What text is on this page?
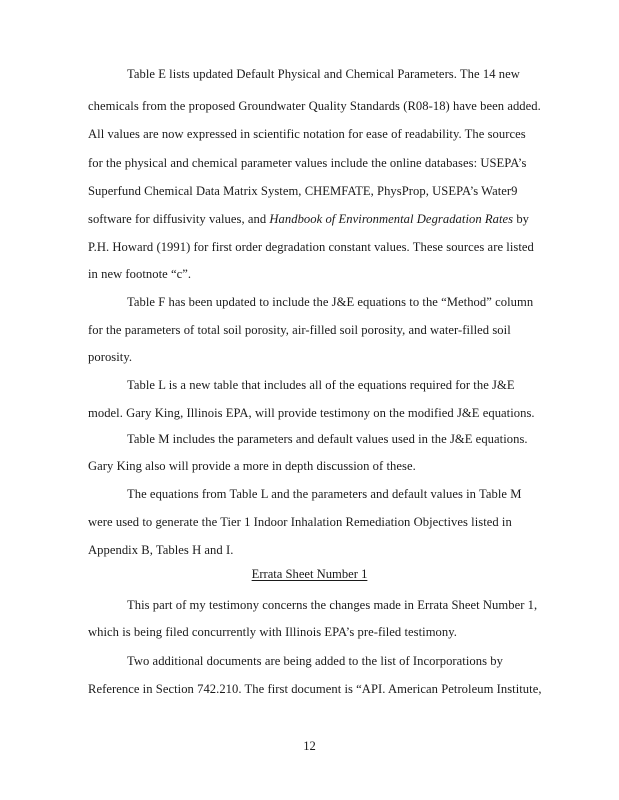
Table E lists updated Default Physical and Chemical Parameters. The 14 new
chemicals from the proposed Groundwater Quality Standards (R08-18) have been added.
All values are now expressed in scientific notation for ease of readability. The sources
for the physical and chemical parameter values include the online databases: USEPA’s
Superfund Chemical Data Matrix System, CHEMFATE, PhysProp, USEPA’s Water9
software for diffusivity values, and Handbook of Environmental Degradation Rates by
P.H. Howard (1991) for first order degradation constant values. These sources are listed
in new footnote “c”.
Table F has been updated to include the J&E equations to the “Method” column
for the parameters of total soil porosity, air-filled soil porosity, and water-filled soil
porosity.
Table L is a new table that includes all of the equations required for the J&E
model. Gary King, Illinois EPA, will provide testimony on the modified J&E equations.
Table M includes the parameters and default values used in the J&E equations.
Gary King also will provide a more in depth discussion of these.
The equations from Table L and the parameters and default values in Table M
were used to generate the Tier 1 Indoor Inhalation Remediation Objectives listed in
Appendix B, Tables H and I.
Errata Sheet Number 1
This part of my testimony concerns the changes made in Errata Sheet Number 1,
which is being filed concurrently with Illinois EPA’s pre-filed testimony.
Two additional documents are being added to the list of Incorporations by
Reference in Section 742.210. The first document is “API. American Petroleum Institute,
12
